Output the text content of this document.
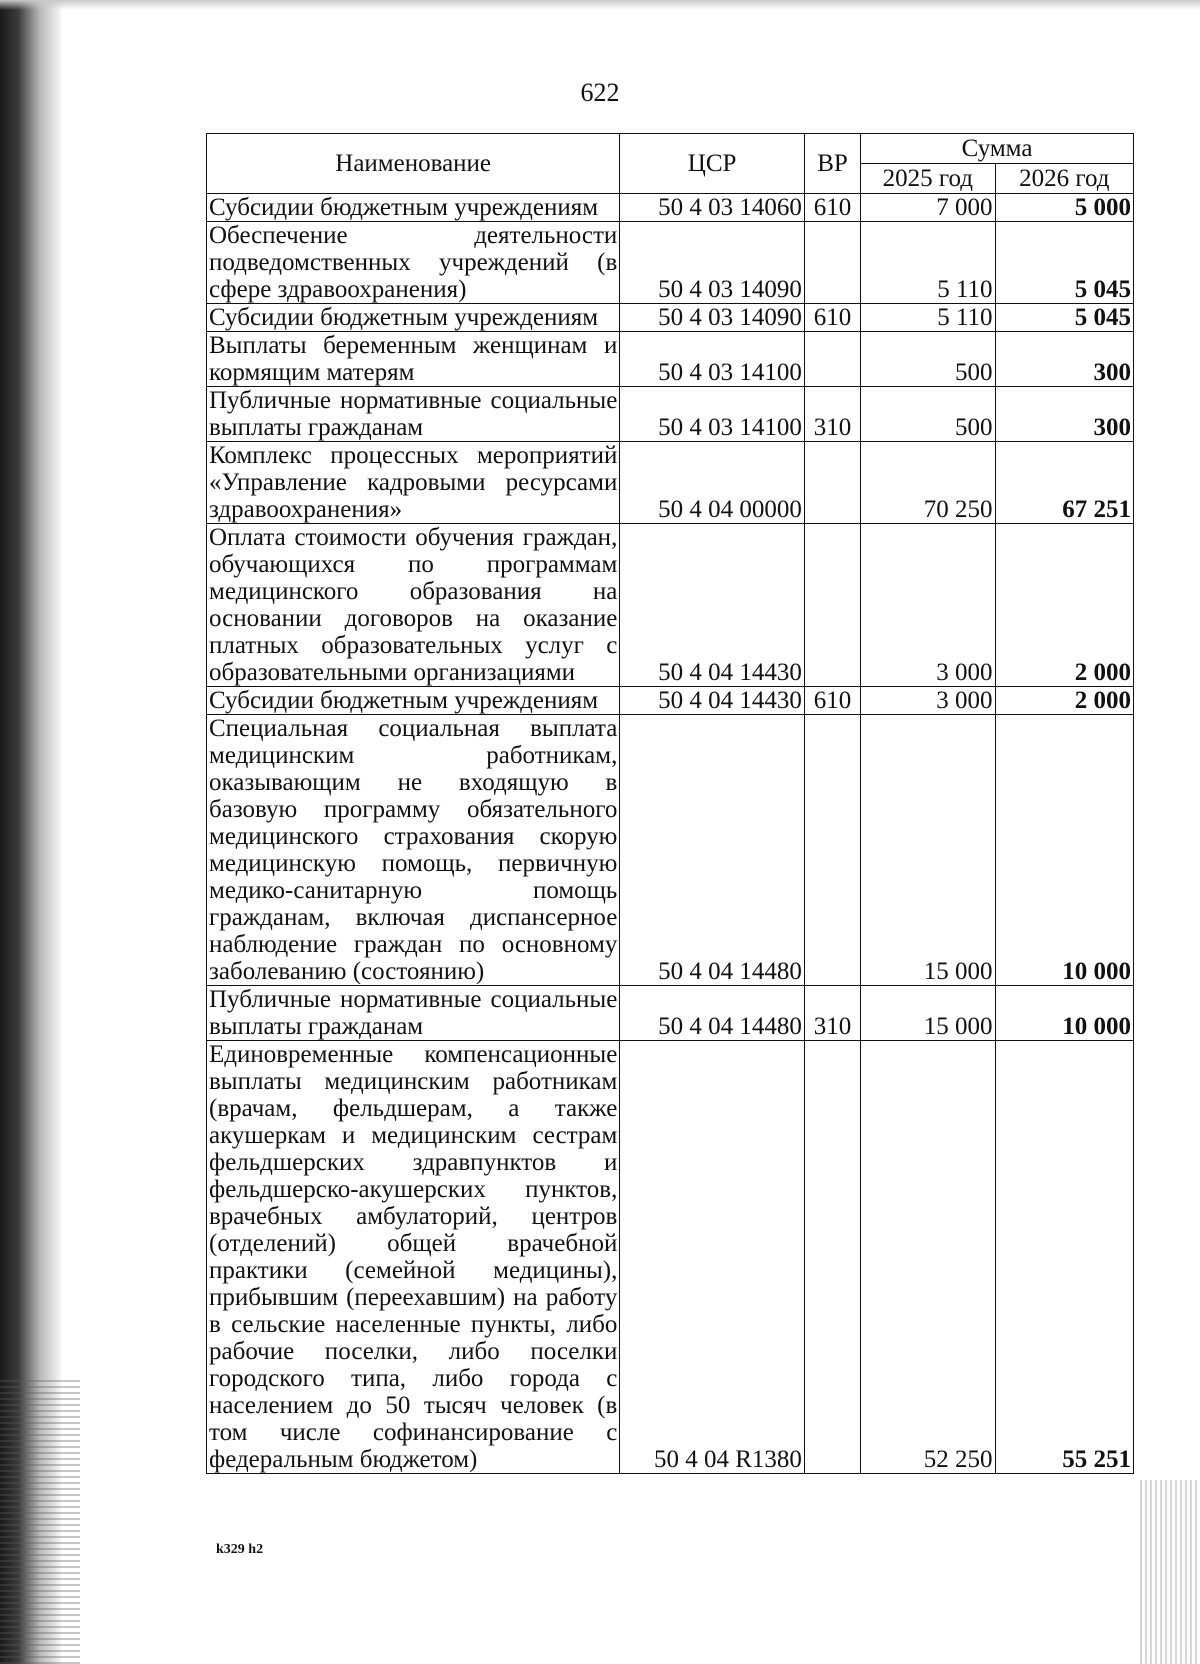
622
Наименование	ЦСР	ВР	Сумма	
			2025 год	2026 год
Субсидии бюджетным учреждениям	50 4 03 14060	610	7 000	5 000
Обеспечение деятельности подведомственных учреждений (в сфере здравоохранения)	50 4 03 14090		5 110	5 045
Субсидии бюджетным учреждениям	50 4 03 14090	610	5 110	5 045
Выплаты беременным женщинам и кормящим матерям	50 4 03 14100		500	300
Публичные нормативные социальные выплаты гражданам	50 4 03 14100	310	500	300
Комплекс процессных мероприятий «Управление кадровыми ресурсами здравоохранения»	50 4 04 00000		70 250	67 251
Оплата стоимости обучения граждан, обучающихся по программам медицинского образования на основании договоров на оказание платных образовательных услуг с образовательными организациями	50 4 04 14430		3 000	2 000
Субсидии бюджетным учреждениям	50 4 04 14430	610	3 000	2 000
Специальная социальная выплата медицинским работникам, оказывающим не входящую в базовую программу обязательного медицинского страхования скорую медицинскую помощь, первичную медико-санитарную помощь гражданам, включая диспансерное наблюдение граждан по основному заболеванию (состоянию)	50 4 04 14480		15 000	10 000
Публичные нормативные социальные выплаты гражданам	50 4 04 14480	310	15 000	10 000
Единовременные компенсационные выплаты медицинским работникам (врачам, фельдшерам, а также акушеркам и медицинским сестрам фельдшерских здравпунктов и фельдшерско-акушерских пунктов, врачебных амбулаторий, центров (отделений) общей врачебной практики (семейной медицины), прибывшим (переехавшим) на работу в сельские населенные пункты, либо рабочие поселки, либо поселки городского типа, либо города с населением до 50 тысяч человек (в том числе софинансирование с федеральным бюджетом)	50 4 04 R1380		52 250	55 251
k329 h2
